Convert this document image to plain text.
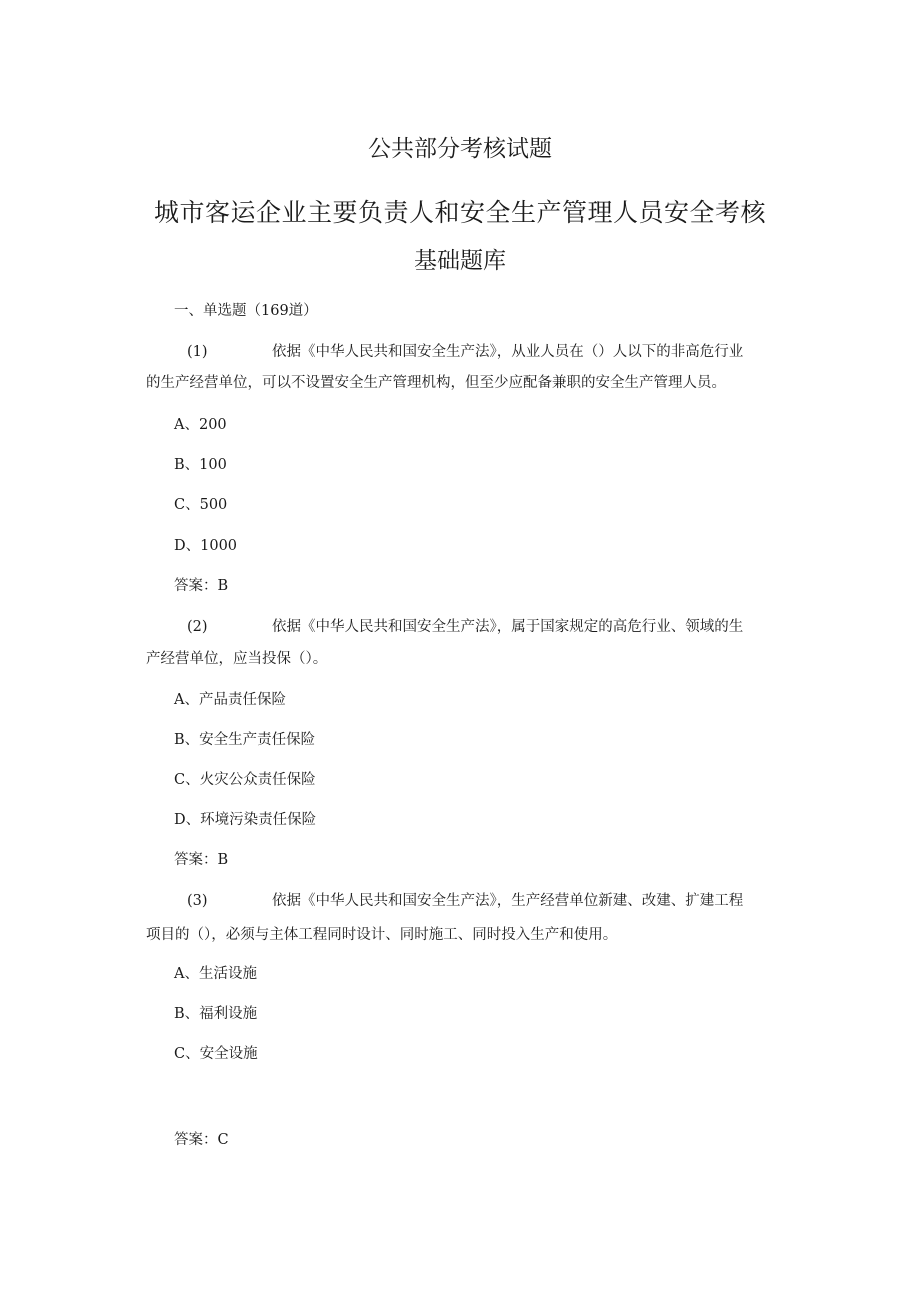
公共部分考核试题
城市客运企业主要负责人和安全生产管理人员安全考核
基础题库

一、单选题（169道）

(1)	依据《中华人民共和国安全生产法》，从业人员在（）人以下的非高危行业
的生产经营单位，可以不设置安全生产管理机构，但至少应配备兼职的安全生产管理人员。
A、200
B、100
C、500
D、1000
答案：B
(2)	依据《中华人民共和国安全生产法》，属于国家规定的高危行业、领域的生
产经营单位，应当投保（）。
A、产品责任保险
B、安全生产责任保险
C、火灾公众责任保险
D、环境污染责任保险
答案：B
(3)	依据《中华人民共和国安全生产法》，生产经营单位新建、改建、扩建工程
项目的（），必须与主体工程同时设计、同时施工、同时投入生产和使用。
A、生活设施
B、福利设施
C、安全设施
答案：C
